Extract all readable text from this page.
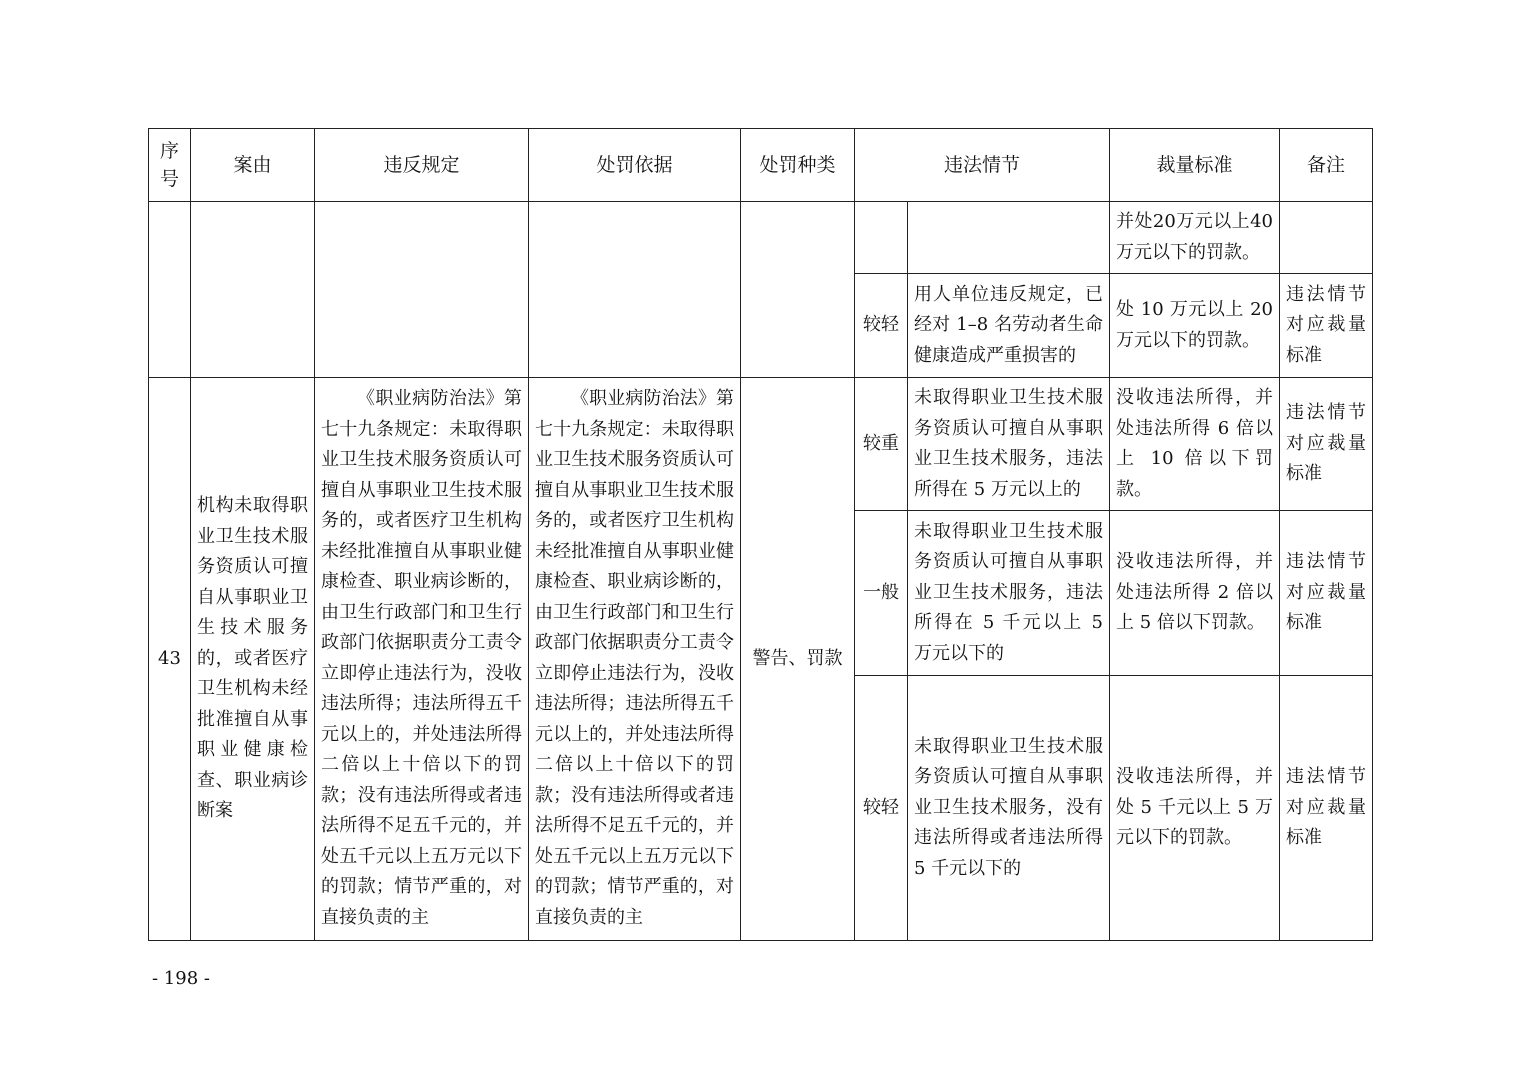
序号	案由	违反规定	处罚依据	处罚种类	违法情节		裁量标准	备注
							并处20万元以上40万元以下的罚款。	
					较轻	用人单位违反规定，已经对 1–8 名劳动者生命健康造成严重损害的	处 10 万元以上 20 万元以下的罚款。	违法情节对应裁量标准
43	机构未取得职业卫生技术服务资质认可擅自从事职业卫生技术服务的，或者医疗卫生机构未经批准擅自从事职业健康检查、职业病诊断案	《职业病防治法》第七十九条规定：未取得职业卫生技术服务资质认可擅自从事职业卫生技术服务的，或者医疗卫生机构未经批准擅自从事职业健康检查、职业病诊断的，由卫生行政部门和卫生行政部门依据职责分工责令立即停止违法行为，没收违法所得；违法所得五千元以上的，并处违法所得二倍以上十倍以下的罚款；没有违法所得或者违法所得不足五千元的，并处五千元以上五万元以下的罚款；情节严重的，对直接负责的主	《职业病防治法》第七十九条规定：未取得职业卫生技术服务资质认可擅自从事职业卫生技术服务的，或者医疗卫生机构未经批准擅自从事职业健康检查、职业病诊断的，由卫生行政部门和卫生行政部门依据职责分工责令立即停止违法行为，没收违法所得；违法所得五千元以上的，并处违法所得二倍以上十倍以下的罚款；没有违法所得或者违法所得不足五千元的，并处五千元以上五万元以下的罚款；情节严重的，对直接负责的主	警告、罚款	较重	未取得职业卫生技术服务资质认可擅自从事职业卫生技术服务，违法所得在 5 万元以上的	没收违法所得，并处违法所得 6 倍以上 10 倍以下罚款。	违法情节对应裁量标准
					一般	未取得职业卫生技术服务资质认可擅自从事职业卫生技术服务，违法所得在 5 千元以上 5 万元以下的	没收违法所得，并处违法所得 2 倍以上 5 倍以下罚款。	违法情节对应裁量标准
					较轻	未取得职业卫生技术服务资质认可擅自从事职业卫生技术服务，没有违法所得或者违法所得 5 千元以下的	没收违法所得，并处 5 千元以上 5 万元以下的罚款。	违法情节对应裁量标准
- 198 -
